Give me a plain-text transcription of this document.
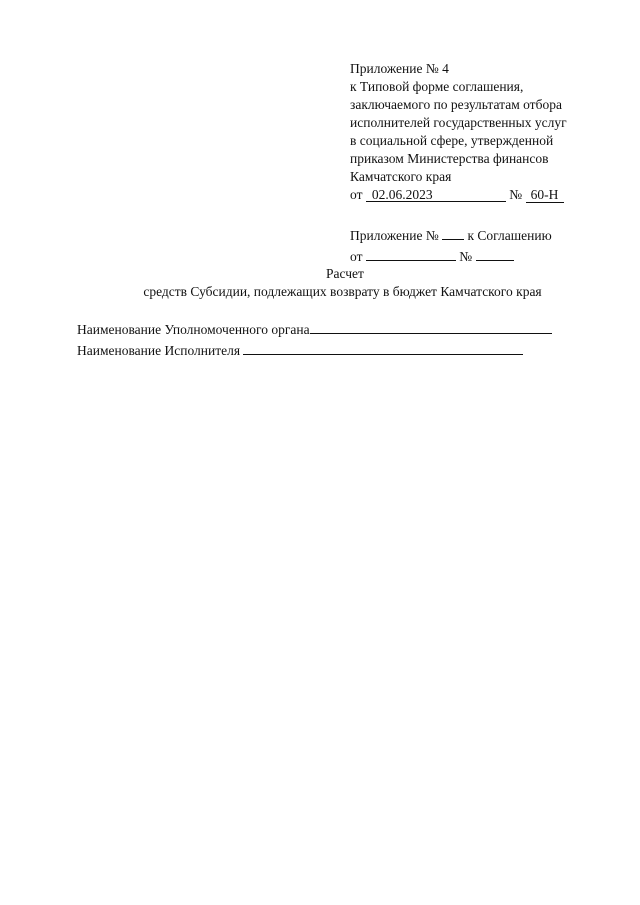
Приложение № 4
к Типовой форме соглашения,
заключаемого по результатам отбора
исполнителей государственных услуг
в социальной сфере, утвержденной
приказом Министерства финансов
Камчатского края
от 02.06.2023	№ 60-Н
Приложение № к Соглашению
от	№
Расчет
средств Субсидии, подлежащих возврату в бюджет Камчатского края
Наименование Уполномоченного органа
Наименование Исполнителя
